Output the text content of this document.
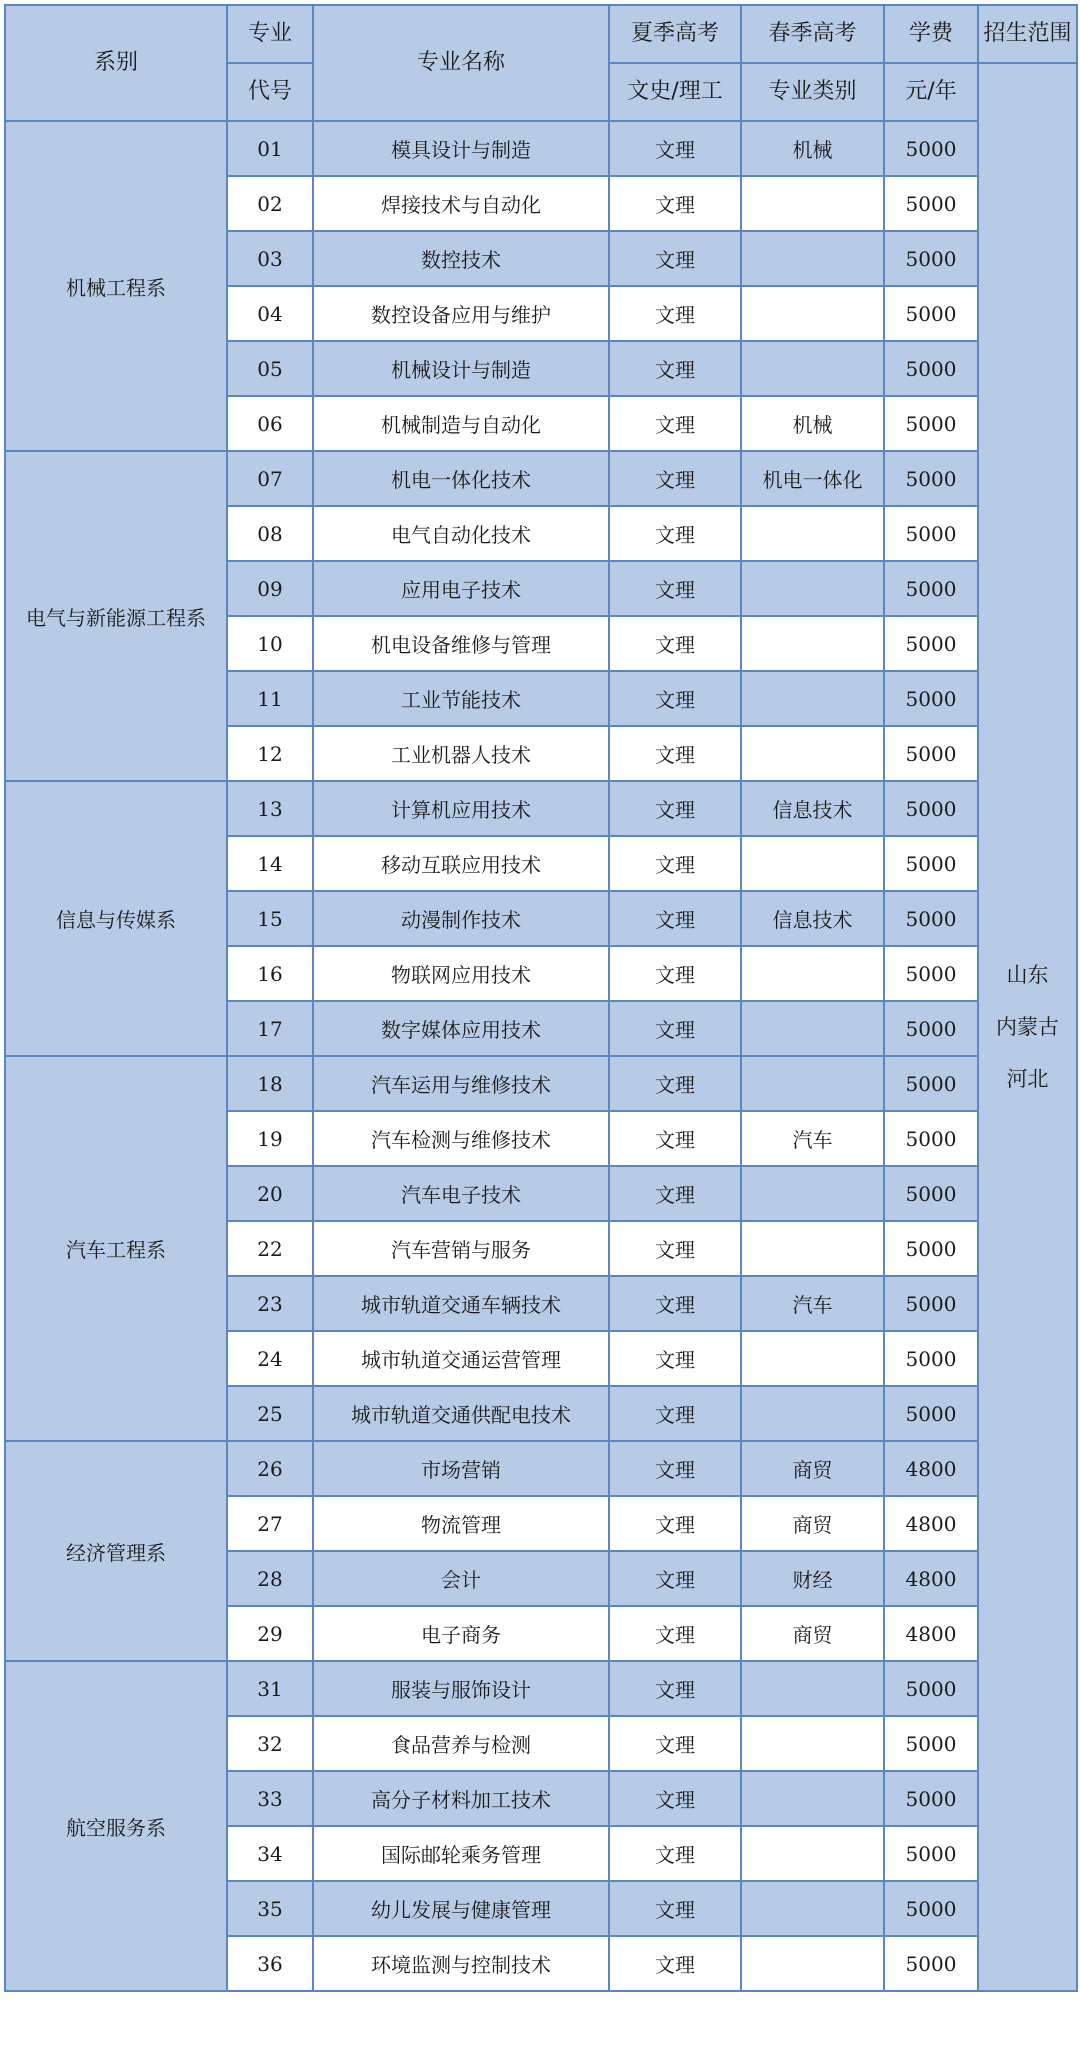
系别	专业	专业名称	夏季高考	春季高考	学费	招生范围
	代号		文史/理工	专业类别	元/年	山东
内蒙古
河北

机械工程系	01	模具设计与制造	文理	机械	5000	
	02	焊接技术与自动化	文理		5000	
	03	数控技术	文理		5000	
	04	数控设备应用与维护	文理		5000	
	05	机械设计与制造	文理		5000	
	06	机械制造与自动化	文理	机械	5000	
电气与新能源工程系	07	机电一体化技术	文理	机电一体化	5000	
	08	电气自动化技术	文理		5000	
	09	应用电子技术	文理		5000	
	10	机电设备维修与管理	文理		5000	
	11	工业节能技术	文理		5000	
	12	工业机器人技术	文理		5000	
信息与传媒系	13	计算机应用技术	文理	信息技术	5000	
	14	移动互联应用技术	文理		5000	
	15	动漫制作技术	文理	信息技术	5000	
	16	物联网应用技术	文理		5000	
	17	数字媒体应用技术	文理		5000	
汽车工程系	18	汽车运用与维修技术	文理		5000	
	19	汽车检测与维修技术	文理	汽车	5000	
	20	汽车电子技术	文理		5000	
	22	汽车营销与服务	文理		5000	
	23	城市轨道交通车辆技术	文理	汽车	5000	
	24	城市轨道交通运营管理	文理		5000	
	25	城市轨道交通供配电技术	文理		5000	
经济管理系	26	市场营销	文理	商贸	4800	
	27	物流管理	文理	商贸	4800	
	28	会计	文理	财经	4800	
	29	电子商务	文理	商贸	4800	
航空服务系	31	服装与服饰设计	文理		5000	
	32	食品营养与检测	文理		5000	
	33	高分子材料加工技术	文理		5000	
	34	国际邮轮乘务管理	文理		5000	
	35	幼儿发展与健康管理	文理		5000	
	36	环境监测与控制技术	文理		5000	
